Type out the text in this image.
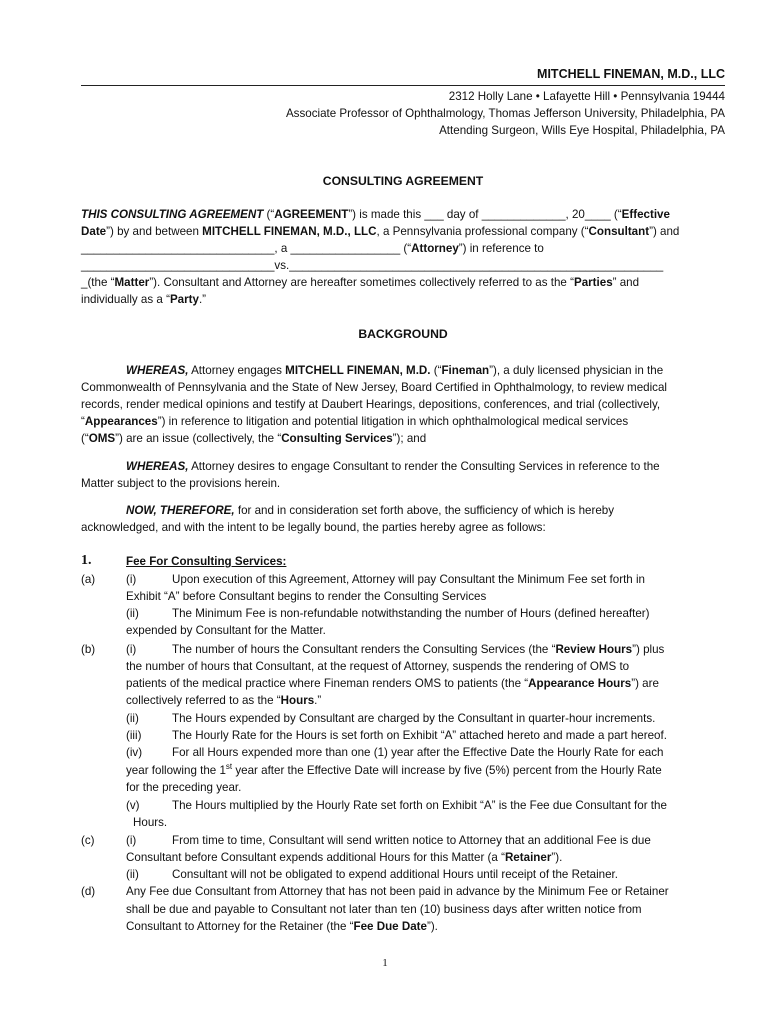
MITCHELL FINEMAN, M.D., LLC
2312 Holly Lane • Lafayette Hill • Pennsylvania 19444
Associate Professor of Ophthalmology, Thomas Jefferson University, Philadelphia, PA
Attending Surgeon, Wills Eye Hospital, Philadelphia, PA
CONSULTING AGREEMENT
THIS CONSULTING AGREEMENT (“AGREEMENT”) is made this ___ day of _____________, 20____ (“Effective
Date”) by and between MITCHELL FINEMAN, M.D., LLC, a Pennsylvania professional company (“Consultant”) and
______________________________, a _________________ (“Attorney”) in reference to
______________________________vs.__________________________________________________________
_(the “Matter”). Consultant and Attorney are hereafter sometimes collectively referred to as the “Parties” and
individually as a “Party.”
BACKGROUND
WHEREAS, Attorney engages MITCHELL FINEMAN, M.D. (“Fineman”), a duly licensed physician in the
Commonwealth of Pennsylvania and the State of New Jersey, Board Certified in Ophthalmology, to review medical
records, render medical opinions and testify at Daubert Hearings, depositions, conferences, and trial (collectively,
“Appearances”) in reference to litigation and potential litigation in which ophthalmological medical services
(“OMS”) are an issue (collectively, the “Consulting Services”); and
WHEREAS, Attorney desires to engage Consultant to render the Consulting Services in reference to the
Matter subject to the provisions herein.
NOW, THEREFORE, for and in consideration set forth above, the sufficiency of which is hereby
acknowledged, and with the intent to be legally bound, the parties hereby agree as follows:
1.	Fee For Consulting Services:
(a)	(i)	Upon execution of this Agreement, Attorney will pay Consultant the Minimum Fee set forth in
Exhibit “A” before Consultant begins to render the Consulting Services
(ii)	The Minimum Fee is non-refundable notwithstanding the number of Hours (defined hereafter)
expended by Consultant for the Matter.
(b)	(i)	The number of hours the Consultant renders the Consulting Services (the “Review Hours”) plus
the number of hours that Consultant, at the request of Attorney, suspends the rendering of OMS to
patients of the medical practice where Fineman renders OMS to patients (the “Appearance Hours”) are
collectively referred to as the “Hours.”
(ii)	The Hours expended by Consultant are charged by the Consultant in quarter-hour increments.
(iii)	The Hourly Rate for the Hours is set forth on Exhibit “A” attached hereto and made a part hereof.
(iv)	For all Hours expended more than one (1) year after the Effective Date the Hourly Rate for each
year following the 1st year after the Effective Date will increase by five (5%) percent from the Hourly Rate
for the preceding year.
(v)	The Hours multiplied by the Hourly Rate set forth on Exhibit “A” is the Fee due Consultant for the
Hours.
(c)	(i)	From time to time, Consultant will send written notice to Attorney that an additional Fee is due
Consultant before Consultant expends additional Hours for this Matter (a “Retainer”).
(ii)	Consultant will not be obligated to expend additional Hours until receipt of the Retainer.
(d)	Any Fee due Consultant from Attorney that has not been paid in advance by the Minimum Fee or Retainer
shall be due and payable to Consultant not later than ten (10) business days after written notice from
Consultant to Attorney for the Retainer (the “Fee Due Date”).
1
